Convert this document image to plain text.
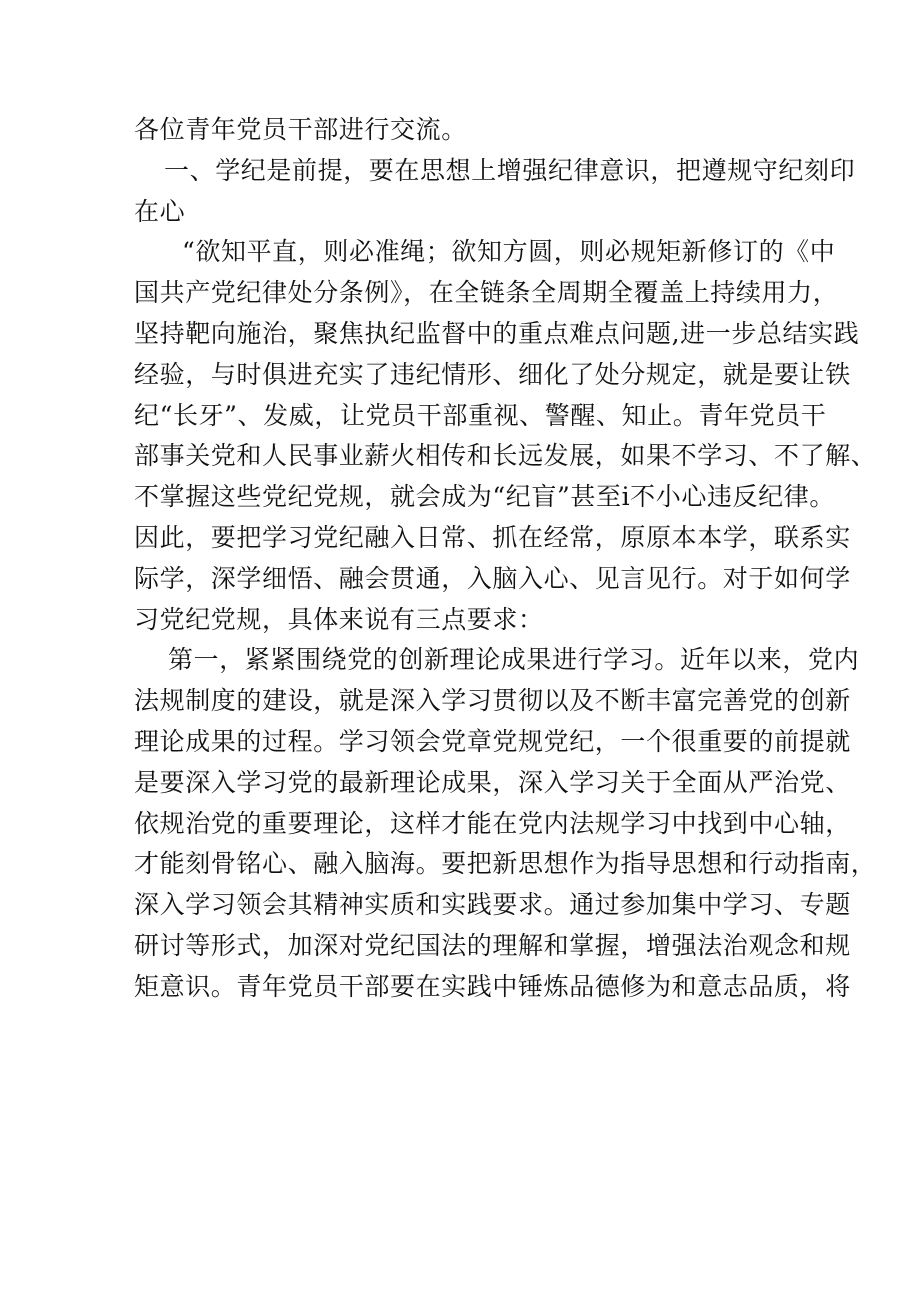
各位青年党员干部进行交流。
一、学纪是前提，要在思想上增强纪律意识，把遵规守纪刻印
在心
“欲知平直，则必准绳；欲知方圆，则必规矩新修订的《中
国共产党纪律处分条例》，在全链条全周期全覆盖上持续用力，
坚持靶向施治，聚焦执纪监督中的重点难点问题,进一步总结实践
经验，与时俱进充实了违纪情形、细化了处分规定，就是要让铁
纪“长牙”、发威，让党员干部重视、警醒、知止。青年党员干
部事关党和人民事业薪火相传和长远发展，如果不学习、不了解、
不掌握这些党纪党规，就会成为“纪盲”甚至i不小心违反纪律。
因此，要把学习党纪融入日常、抓在经常，原原本本学，联系实
际学，深学细悟、融会贯通，入脑入心、见言见行。对于如何学
习党纪党规，具体来说有三点要求：
第一，紧紧围绕党的创新理论成果进行学习。近年以来，党内
法规制度的建设，就是深入学习贯彻以及不断丰富完善党的创新
理论成果的过程。学习领会党章党规党纪，一个很重要的前提就
是要深入学习党的最新理论成果，深入学习关于全面从严治党、
依规治党的重要理论，这样才能在党内法规学习中找到中心轴，
才能刻骨铭心、融入脑海。要把新思想作为指导思想和行动指南，
深入学习领会其精神实质和实践要求。通过参加集中学习、专题
研讨等形式，加深对党纪国法的理解和掌握，增强法治观念和规
矩意识。青年党员干部要在实践中锤炼品德修为和意志品质，将
